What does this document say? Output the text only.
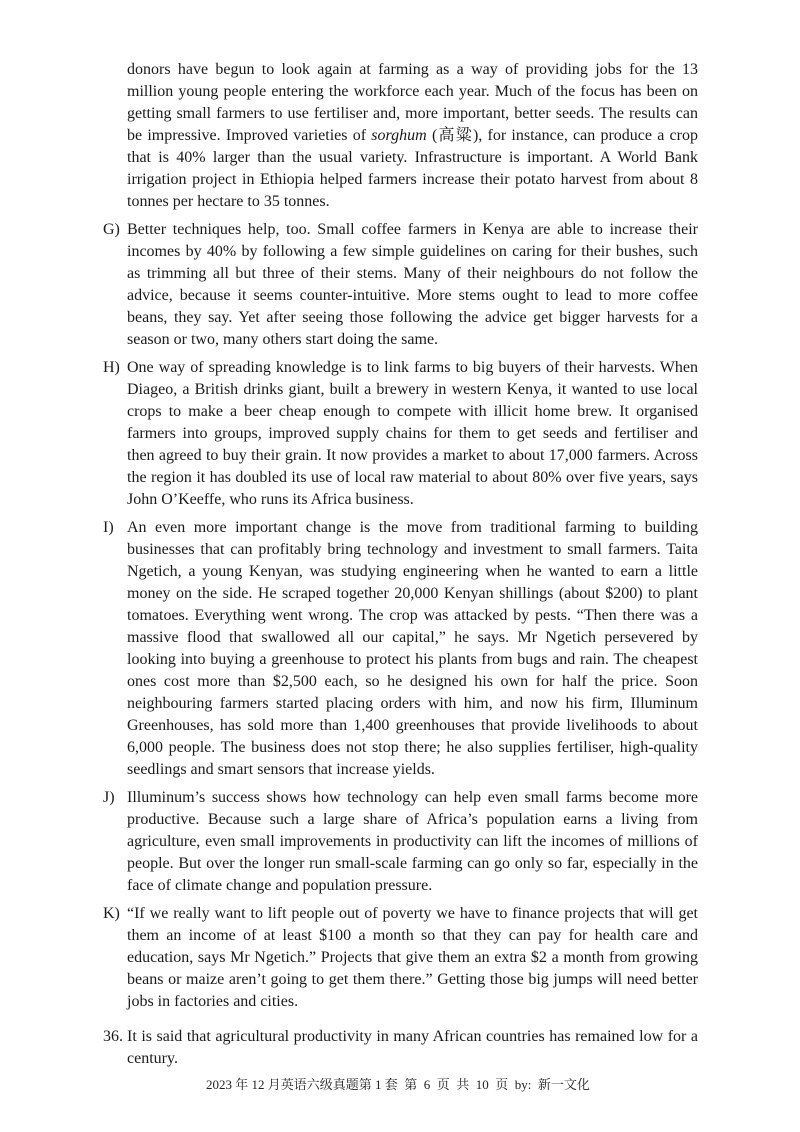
donors have begun to look again at farming as a way of providing jobs for the 13
million young people entering the workforce each year. Much of the focus has been on
getting small farmers to use fertiliser and, more important, better seeds. The results can
be impressive. Improved varieties of sorghum (高粱), for instance, can produce a crop
that is 40% larger than the usual variety. Infrastructure is important. A World Bank
irrigation project in Ethiopia helped farmers increase their potato harvest from about 8
tonnes per hectare to 35 tonnes.
G) Better techniques help, too. Small coffee farmers in Kenya are able to increase their
incomes by 40% by following a few simple guidelines on caring for their bushes, such
as trimming all but three of their stems. Many of their neighbours do not follow the
advice, because it seems counter-intuitive. More stems ought to lead to more coffee
beans, they say. Yet after seeing those following the advice get bigger harvests for a
season or two, many others start doing the same.
H) One way of spreading knowledge is to link farms to big buyers of their harvests. When
Diageo, a British drinks giant, built a brewery in western Kenya, it wanted to use local
crops to make a beer cheap enough to compete with illicit home brew. It organised
farmers into groups, improved supply chains for them to get seeds and fertiliser and
then agreed to buy their grain. It now provides a market to about 17,000 farmers. Across
the region it has doubled its use of local raw material to about 80% over five years, says
John O’Keeffe, who runs its Africa business.
I) An even more important change is the move from traditional farming to building
businesses that can profitably bring technology and investment to small farmers. Taita
Ngetich, a young Kenyan, was studying engineering when he wanted to earn a little
money on the side. He scraped together 20,000 Kenyan shillings (about $200) to plant
tomatoes. Everything went wrong. The crop was attacked by pests. “Then there was a
massive flood that swallowed all our capital,” he says. Mr Ngetich persevered by
looking into buying a greenhouse to protect his plants from bugs and rain. The cheapest
ones cost more than $2,500 each, so he designed his own for half the price. Soon
neighbouring farmers started placing orders with him, and now his firm, Illuminum
Greenhouses, has sold more than 1,400 greenhouses that provide livelihoods to about
6,000 people. The business does not stop there; he also supplies fertiliser, high-quality
seedlings and smart sensors that increase yields.
J) Illuminum’s success shows how technology can help even small farms become more
productive. Because such a large share of Africa’s population earns a living from
agriculture, even small improvements in productivity can lift the incomes of millions of
people. But over the longer run small-scale farming can go only so far, especially in the
face of climate change and population pressure.
K) “If we really want to lift people out of poverty we have to finance projects that will get
them an income of at least $100 a month so that they can pay for health care and
education, says Mr Ngetich.” Projects that give them an extra $2 a month from growing
beans or maize aren’t going to get them there.” Getting those big jumps will need better
jobs in factories and cities.
36. It is said that agricultural productivity in many African countries has remained low for a
century.
2023 年 12 月英语六级真题第 1 套  第  6  页  共  10  页  by:  新一文化
